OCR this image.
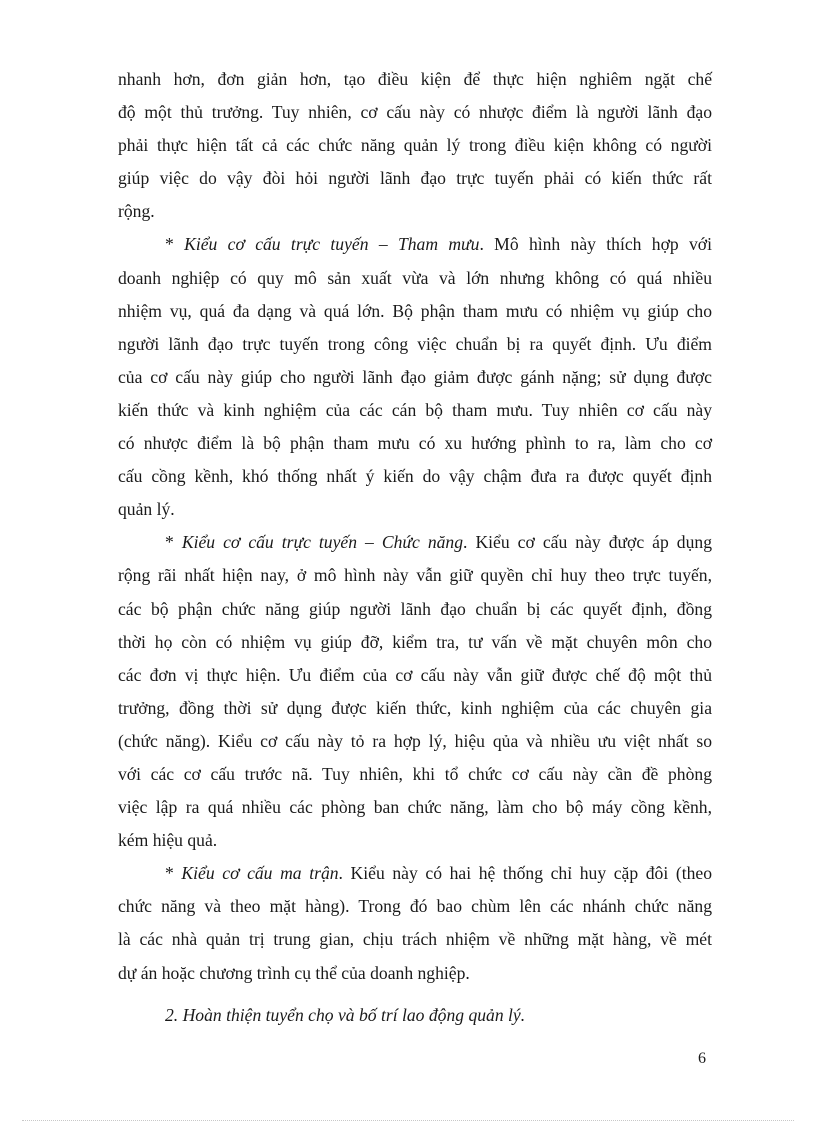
nhanh hơn, đơn giản hơn, tạo điều kiện để thực hiện nghiêm ngặt chế
độ một thủ trưởng. Tuy nhiên, cơ cấu này có nhược điểm là người lãnh đạo
phải thực hiện tất cả các chức năng quản lý trong điều kiện không có người
giúp việc do vậy đòi hỏi người lãnh đạo trực tuyến phải có kiến thức rất
rộng.
* Kiểu cơ cấu trực tuyến – Tham mưu. Mô hình này thích hợp với
doanh nghiệp có quy mô sản xuất vừa và lớn nhưng không có quá nhiều
nhiệm vụ, quá đa dạng và quá lớn. Bộ phận tham mưu có nhiệm vụ giúp cho
người lãnh đạo trực tuyến trong công việc chuẩn bị ra quyết định. Ưu điểm
của cơ cấu này giúp cho người lãnh đạo giảm được gánh nặng; sử dụng được
kiến thức và kinh nghiệm của các cán bộ tham mưu. Tuy nhiên cơ cấu này
có nhược điểm là bộ phận tham mưu có xu hướng phình to ra, làm cho cơ
cấu cồng kềnh, khó thống nhất ý kiến do vậy chậm đưa ra được quyết định
quản lý.
* Kiểu cơ cấu trực tuyến – Chức năng. Kiểu cơ cấu này được áp dụng
rộng rãi nhất hiện nay, ở mô hình này vẫn giữ quyền chỉ huy theo trực tuyến,
các bộ phận chức năng giúp người lãnh đạo chuẩn bị các quyết định, đồng
thời họ còn có nhiệm vụ giúp đỡ, kiểm tra, tư vấn về mặt chuyên môn cho
các đơn vị thực hiện. Ưu điểm của cơ cấu này vẫn giữ được chế độ một thủ
trưởng, đồng thời sử dụng được kiến thức, kinh nghiệm của các chuyên gia
(chức năng). Kiểu cơ cấu này tỏ ra hợp lý, hiệu qủa và nhiều ưu việt nhất so
với các cơ cấu trước nã. Tuy nhiên, khi tổ chức cơ cấu này cần đề phòng
việc lập ra quá nhiều các phòng ban chức năng, làm cho bộ máy cồng kềnh,
kém hiệu quả.
* Kiểu cơ cấu ma trận. Kiểu này có hai hệ thống chỉ huy cặp đôi (theo
chức năng và theo mặt hàng). Trong đó bao chùm lên các nhánh chức năng
là các nhà quản trị trung gian, chịu trách nhiệm về những mặt hàng, về mét
dự án hoặc chương trình cụ thể của doanh nghiệp.
2. Hoàn thiện tuyển chọ và bố trí lao động quản lý.
6
